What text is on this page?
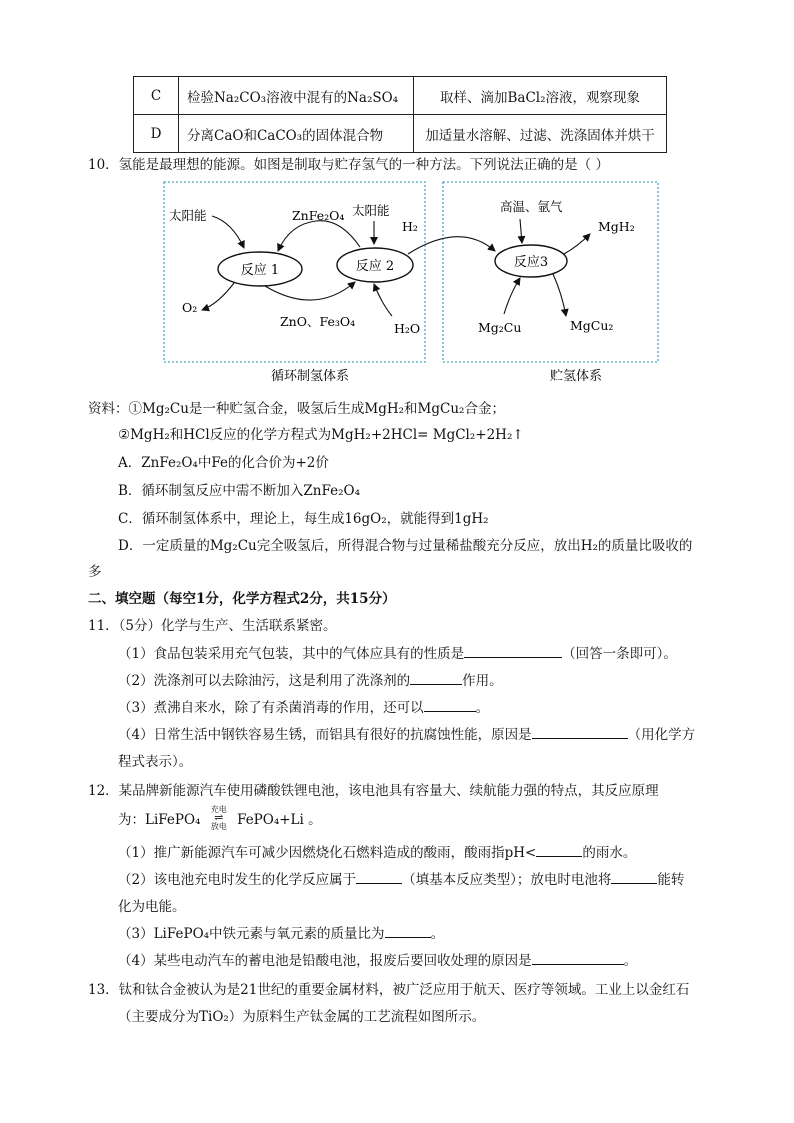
C	检验Na₂CO₃溶液中混有的Na₂SO₄	取样、滴加BaCl₂溶液，观察现象
D	分离CaO和CaCO₃的固体混合物	加适量水溶解、过滤、洗涤固体并烘干
10．氢能是最理想的能源。如图是制取与贮存氢气的一种方法。下列说法正确的是（ ）
反应 1	反应 2	反应3
太阳能	ZnFe₂O₄ 太阳能
H₂
ZnO、Fe₃O₄
O₂
H₂O
高温、氩气
MgH₂
Mg₂Cu	MgCu₂
循环制氢体系	贮氢体系
资料：①Mg₂Cu是一种贮氢合金，吸氢后生成MgH₂和MgCu₂合金；
②MgH₂和HCl反应的化学方程式为MgH₂+2HCl= MgCl₂+2H₂↑
A．ZnFe₂O₄中Fe的化合价为+2价
B．循环制氢反应中需不断加入ZnFe₂O₄
C．循环制氢体系中，理论上，每生成16gO₂，就能得到1gH₂
D．一定质量的Mg₂Cu完全吸氢后，所得混合物与过量稀盐酸充分反应，放出H₂的质量比吸收的
多
二、填空题（每空1分，化学方程式2分，共15分）
11．（5分）化学与生产、生活联系紧密。
（1）食品包装采用充气包装，其中的气体应具有的性质是	（回答一条即可）。
（2）洗涤剂可以去除油污，这是利用了洗涤剂的	作用。
（3）煮沸自来水，除了有杀菌消毒的作用，还可以	。
（4）日常生活中钢铁容易生锈，而铝具有很好的抗腐蚀性能，原因是	（用化学方
程式表示）。
12．某品牌新能源汽车使用磷酸铁锂电池，该电池具有容量大、续航能力强的特点，其反应原理
为：LiFePO₄
充电
⇌
放电 FePO₄+Li 。
（1）推广新能源汽车可减少因燃烧化石燃料造成的酸雨，酸雨指pH<	的雨水。
（2）该电池充电时发生的化学反应属于	（填基本反应类型）；放电时电池将	能转
化为电能。
（3）LiFePO₄中铁元素与氧元素的质量比为	。
（4）某些电动汽车的蓄电池是铅酸电池，报废后要回收处理的原因是	。
13．钛和钛合金被认为是21世纪的重要金属材料，被广泛应用于航天、医疗等领域。工业上以金红石
（主要成分为TiO₂）为原料生产钛金属的工艺流程如图所示。
